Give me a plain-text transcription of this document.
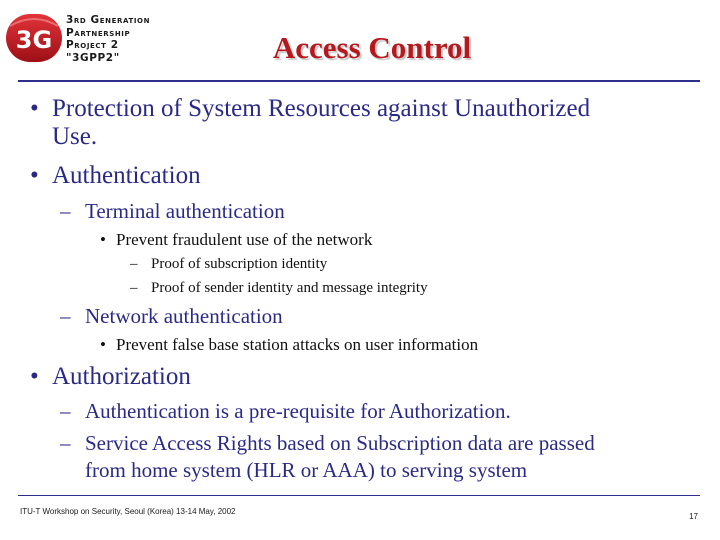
3G
3rd Generation
Partnership
Project 2
"3GPP2"	Access Control
• Protection of System Resources against Unauthorized
Use.
• Authentication
– Terminal authentication
• Prevent fraudulent use of the network
– Proof of subscription identity
– Proof of sender identity and message integrity
– Network authentication
• Prevent false base station attacks on user information
• Authorization
– Authentication is a pre-requisite for Authorization.
– Service Access Rights based on Subscription data are passed
from home system (HLR or AAA) to serving system
ITU-T Workshop on Security, Seoul (Korea) 13-14 May, 2002
17
